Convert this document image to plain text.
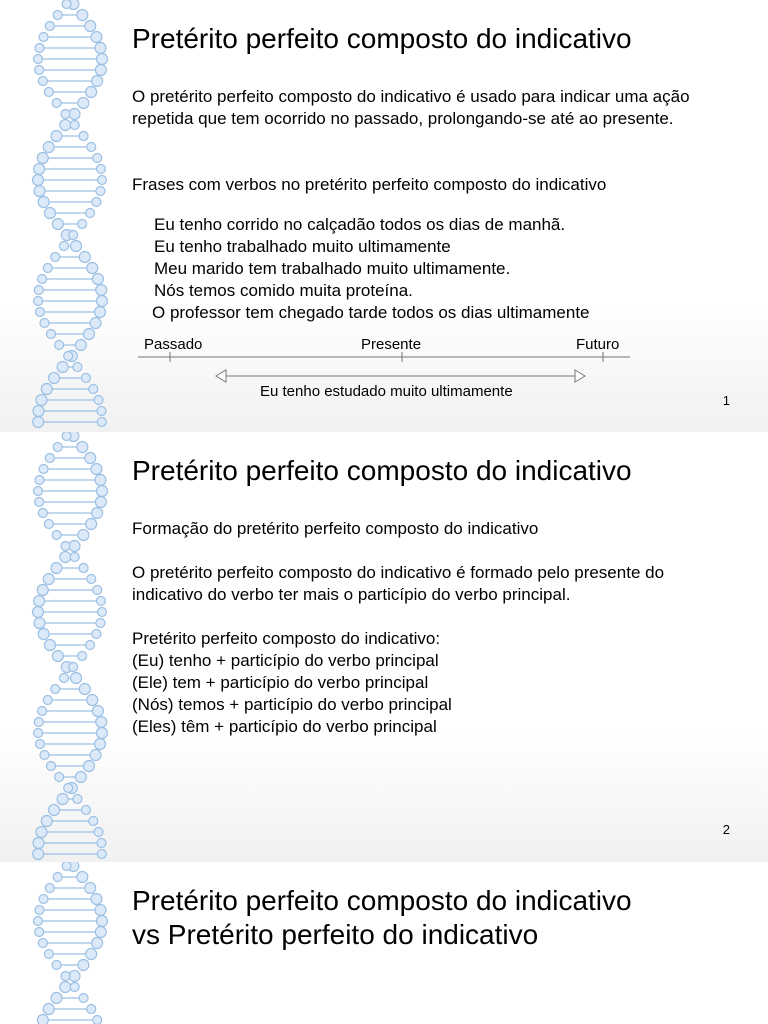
Pretérito perfeito composto do indicativo

O pretérito perfeito composto do indicativo é usado para indicar uma ação repetida que tem ocorrido no passado, prolongando-se até ao presente.

Frases com verbos no pretérito perfeito composto do indicativo

Eu tenho corrido no calçadão todos os dias de manhã.
Eu tenho trabalhado muito ultimamente
Meu marido tem trabalhado muito ultimamente.
Nós temos comido muita proteína.
O professor tem chegado tarde todos os dias ultimamente
Passado	Presente	Futuro
Eu tenho estudado muito ultimamente
1
Pretérito perfeito composto do indicativo

Formação do pretérito perfeito composto do indicativo

O pretérito perfeito composto do indicativo é formado pelo presente do indicativo do verbo ter mais o particípio do verbo principal.

Pretérito perfeito composto do indicativo:
(Eu) tenho + particípio do verbo principal
(Ele) tem + particípio do verbo principal
(Nós) temos + particípio do verbo principal
(Eles) têm + particípio do verbo principal
2
Pretérito perfeito composto do indicativo
vs Pretérito perfeito do indicativo
